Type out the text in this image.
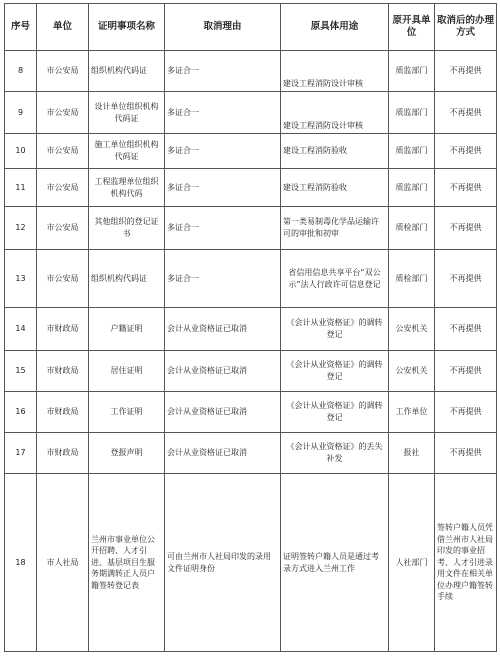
序号	单位	证明事项名称	取消理由	原具体用途	原开具单位	取消后的办理方式
8	市公安局	组织机构代码证	多证合一	建设工程消防设计审核	质监部门	不再提供
9	市公安局	设计单位组织机构代码证	多证合一	建设工程消防设计审核	质监部门	不再提供
10	市公安局	施工单位组织机构代码证	多证合一	建设工程消防验收	质监部门	不再提供
11	市公安局	工程监理单位组织机构代码	多证合一	建设工程消防验收	质监部门	不再提供
12	市公安局	其他组织的登记证书	多证合一	第一类易制毒化学品运输许可的审批和初审	质检部门	不再提供
13	市公安局	组织机构代码证	多证合一	省信用信息共享平台“双公示”法人行政许可信息登记	质检部门	不再提供
14	市财政局	户籍证明	会计从业资格证已取消	《会计从业资格证》的调转登记	公安机关	不再提供
15	市财政局	居住证明	会计从业资格证已取消	《会计从业资格证》的调转登记	公安机关	不再提供
16	市财政局	工作证明	会计从业资格证已取消	《会计从业资格证》的调转登记	工作单位	不再提供
17	市财政局	登报声明	会计从业资格证已取消	《会计从业资格证》的丢失补发	报社	不再提供
18	市人社局	兰州市事业单位公开招聘、人才引进、基层项目生服务期满转正人员户籍签转登记表	可由兰州市人社局印发的录用文件证明身份	证明签转户籍人员是通过考录方式进入兰州工作	人社部门	签转户籍人员凭借兰州市人社局印发的事业招考、人才引进录用文件在相关单位办理户籍签转手续
